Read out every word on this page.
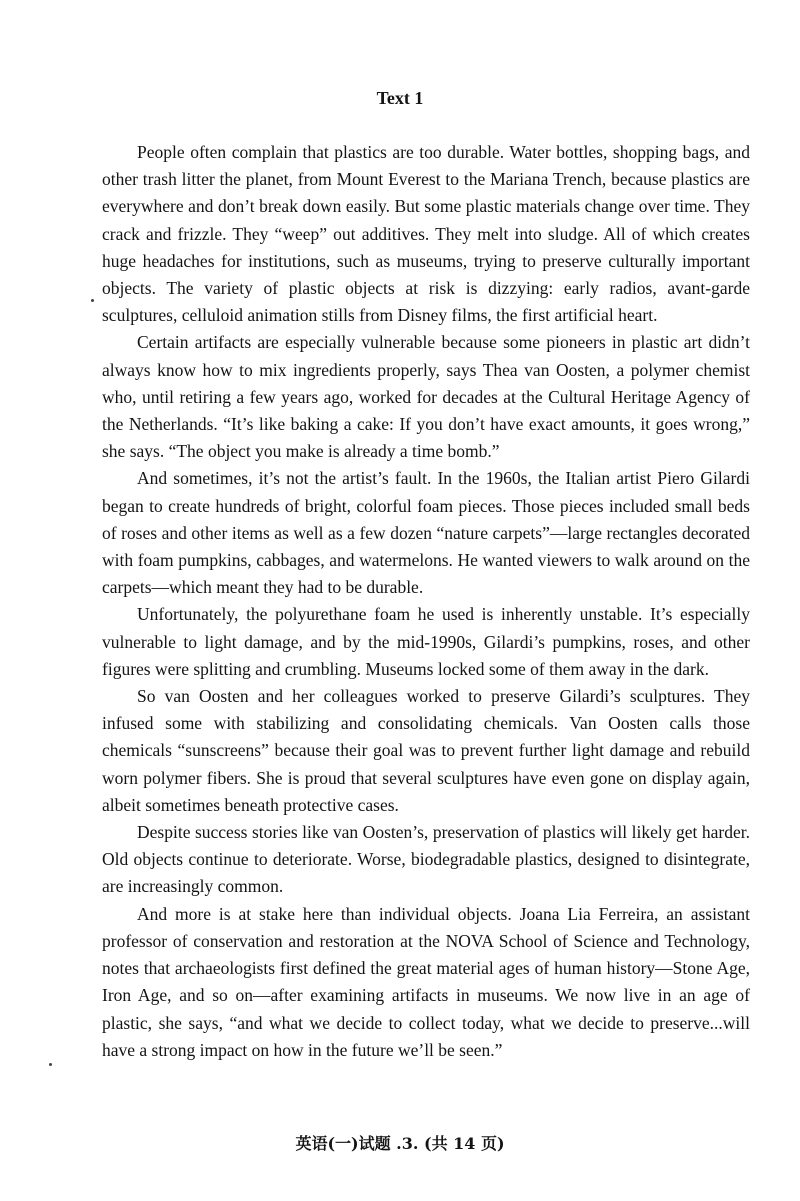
Text 1

People often complain that plastics are too durable. Water bottles, shopping bags, and other trash litter the planet, from Mount Everest to the Mariana Trench, because plastics are everywhere and don’t break down easily. But some plastic materials change over time. They crack and frizzle. They “weep” out additives. They melt into sludge. All of which creates huge headaches for institutions, such as museums, trying to preserve culturally important objects. The variety of plastic objects at risk is dizzying: early radios, avant-garde sculptures, celluloid animation stills from Disney films, the first artificial heart.

Certain artifacts are especially vulnerable because some pioneers in plastic art didn’t always know how to mix ingredients properly, says Thea van Oosten, a polymer chemist who, until retiring a few years ago, worked for decades at the Cultural Heritage Agency of the Netherlands. “It’s like baking a cake: If you don’t have exact amounts, it goes wrong,” she says. “The object you make is already a time bomb.”

And sometimes, it’s not the artist’s fault. In the 1960s, the Italian artist Piero Gilardi began to create hundreds of bright, colorful foam pieces. Those pieces included small beds of roses and other items as well as a few dozen “nature carpets”—large rectangles decorated with foam pumpkins, cabbages, and watermelons. He wanted viewers to walk around on the carpets—which meant they had to be durable.

Unfortunately, the polyurethane foam he used is inherently unstable. It’s especially vulnerable to light damage, and by the mid-1990s, Gilardi’s pumpkins, roses, and other figures were splitting and crumbling. Museums locked some of them away in the dark.

So van Oosten and her colleagues worked to preserve Gilardi’s sculptures. They infused some with stabilizing and consolidating chemicals. Van Oosten calls those chemicals “sunscreens” because their goal was to prevent further light damage and rebuild worn polymer fibers. She is proud that several sculptures have even gone on display again, albeit sometimes beneath protective cases.

Despite success stories like van Oosten’s, preservation of plastics will likely get harder. Old objects continue to deteriorate. Worse, biodegradable plastics, designed to disintegrate, are increasingly common.

And more is at stake here than individual objects. Joana Lia Ferreira, an assistant professor of conservation and restoration at the NOVA School of Science and Technology, notes that archaeologists first defined the great material ages of human history—Stone Age, Iron Age, and so on—after examining artifacts in museums. We now live in an age of plastic, she says, “and what we decide to collect today, what we decide to preserve...will have a strong impact on how in the future we’ll be seen.”

英语(一)试题 .3. (共 14 页)
